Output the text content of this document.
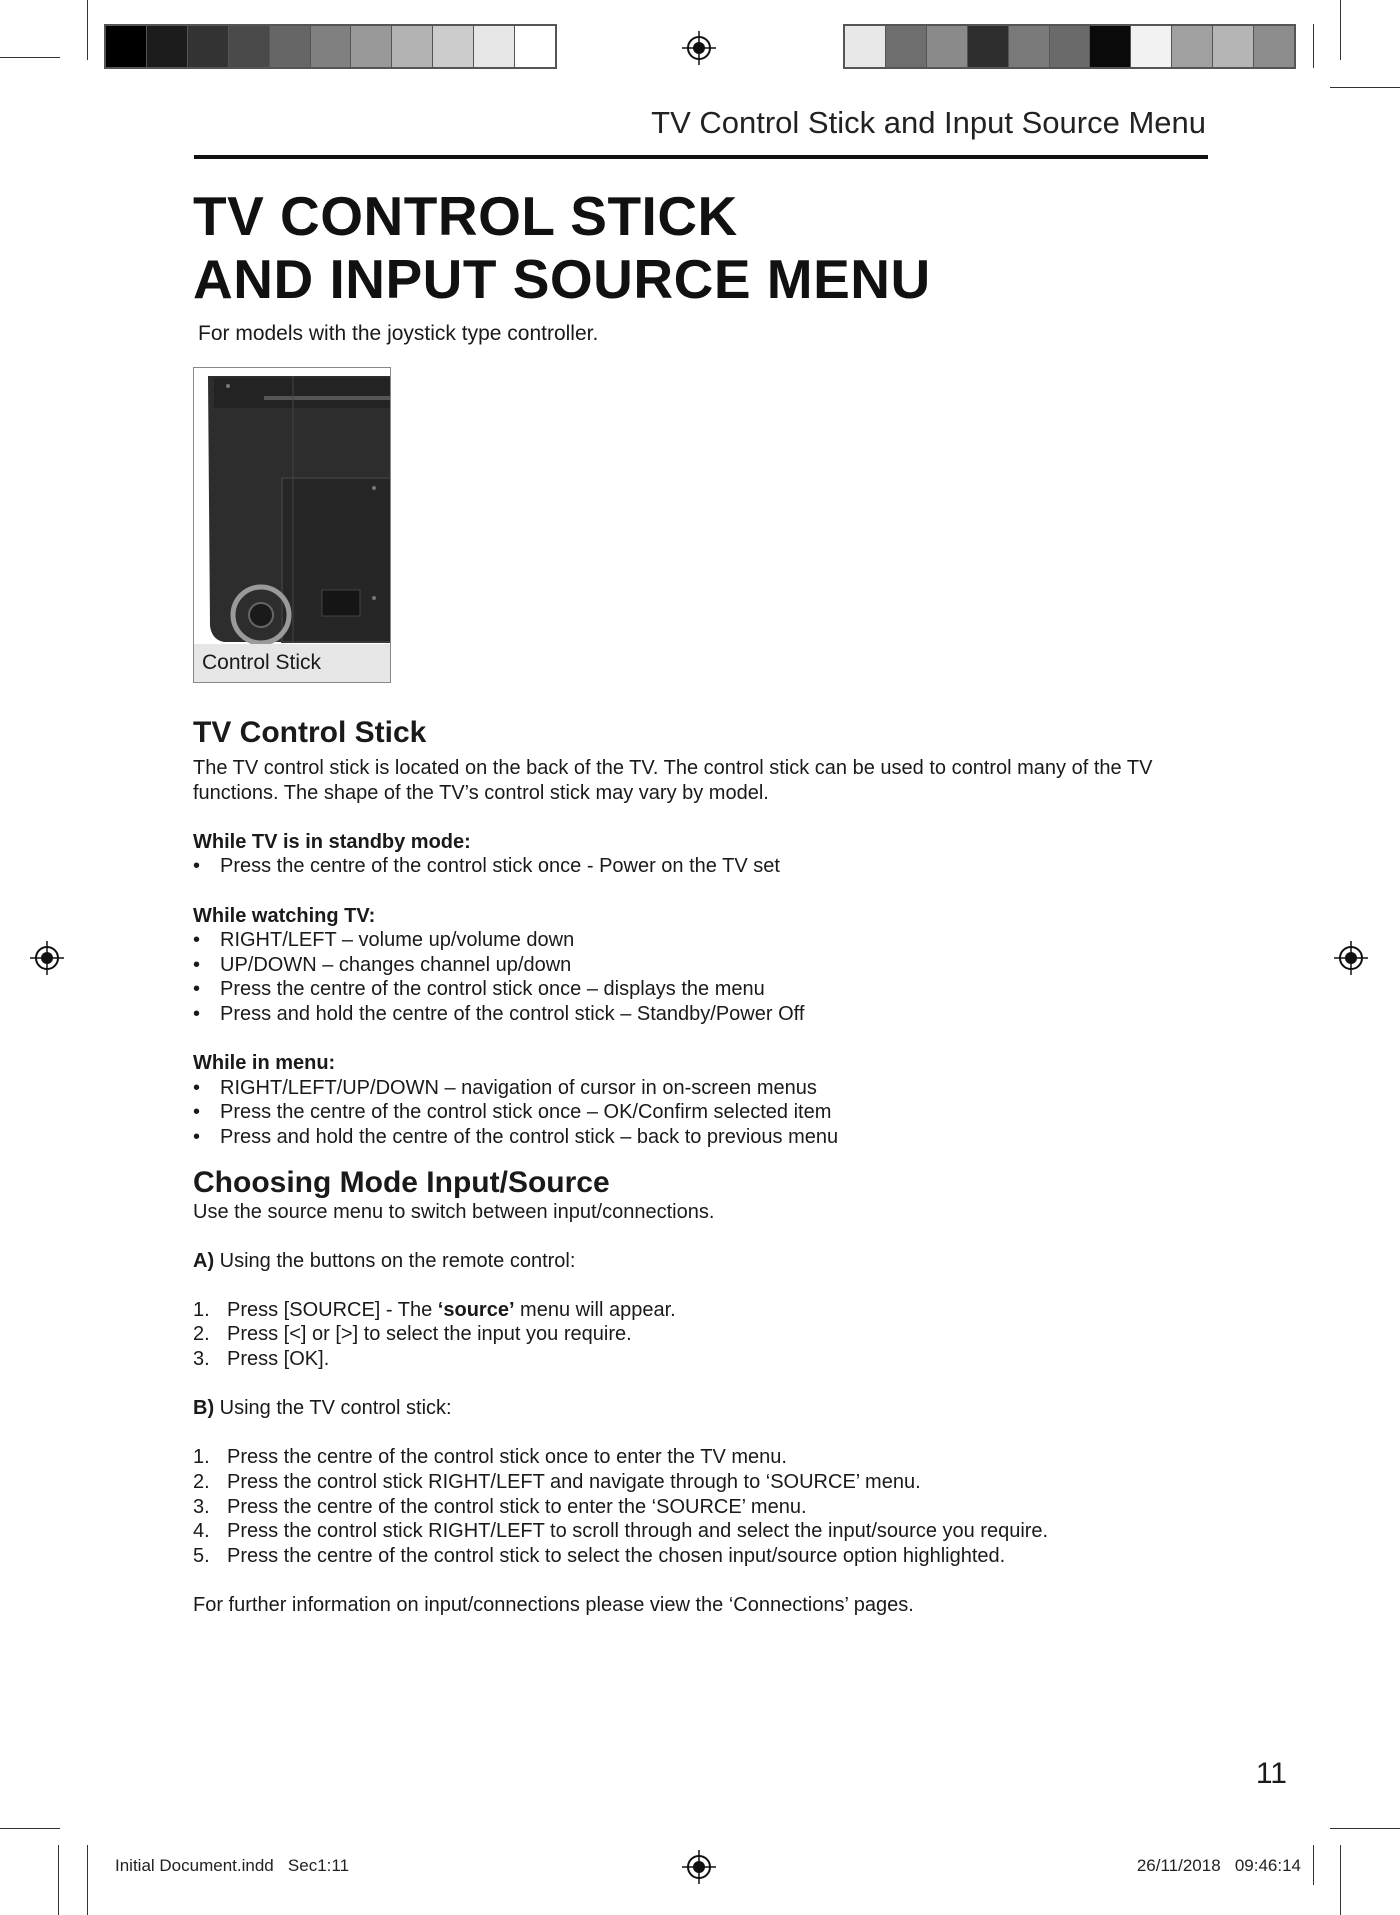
TV Control Stick and Input Source Menu
TV CONTROL STICK
AND INPUT SOURCE MENU
For models with the joystick type controller.
Control Stick
TV Control Stick

The TV control stick is located on the back of the TV. The control stick can be used to control many of the TV functions. The shape of the TV’s control stick may vary by model.

While TV is in standby mode:

• Press the centre of the control stick once - Power on the TV set

While watching TV:

• RIGHT/LEFT – volume up/volume down

• UP/DOWN – changes channel up/down

• Press the centre of the control stick once – displays the menu

• Press and hold the centre of the control stick – Standby/Power Off

While in menu:

• RIGHT/LEFT/UP/DOWN – navigation of cursor in on-screen menus

• Press the centre of the control stick once – OK/Confirm selected item

• Press and hold the centre of the control stick – back to previous menu

Choosing Mode Input/Source

Use the source menu to switch between input/connections.

A) Using the buttons on the remote control:

1. Press [SOURCE] - The ‘source’ menu will appear.

2. Press [<] or [>] to select the input you require.

3. Press [OK].

B) Using the TV control stick:

1. Press the centre of the control stick once to enter the TV menu.

2. Press the control stick RIGHT/LEFT and navigate through to ‘SOURCE’ menu.

3. Press the centre of the control stick to enter the ‘SOURCE’ menu.

4. Press the control stick RIGHT/LEFT to scroll through and select the input/source you require.

5. Press the centre of the control stick to select the chosen input/source option highlighted.

For further information on input/connections please view the ‘Connections’ pages.

11
Initial Document.indd   Sec1:11	26/11/2018   09:46:14
